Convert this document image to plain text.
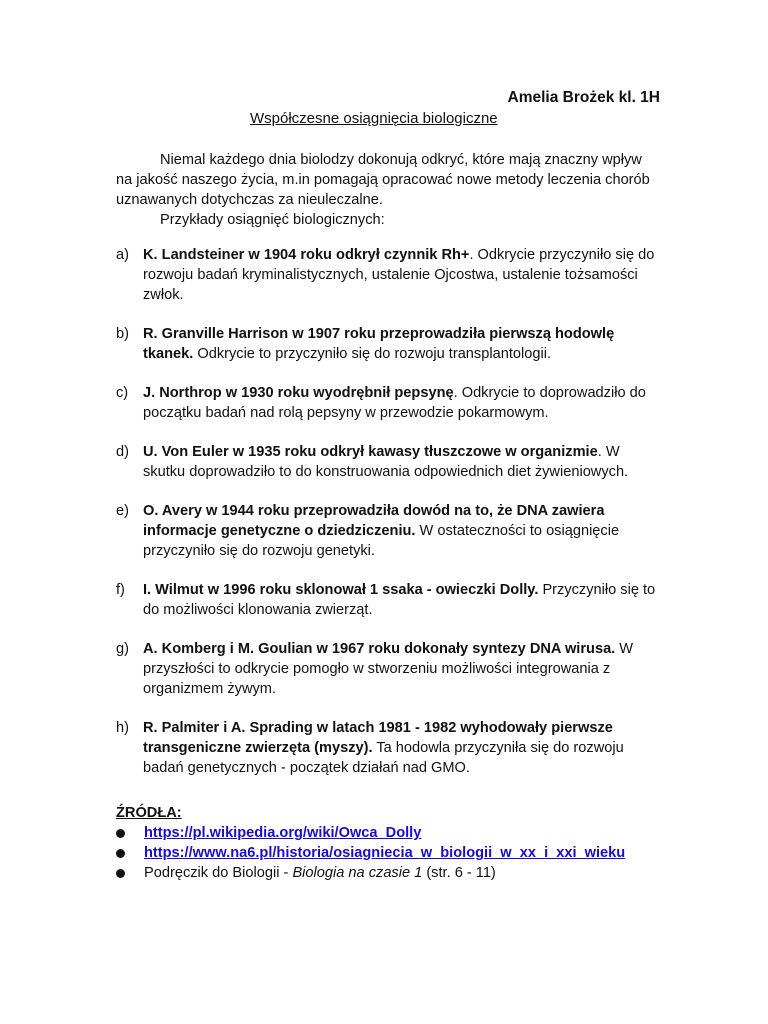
Amelia Brożek kl. 1H
Współczesne osiągnięcia biologiczne

Niemal każdego dnia biolodzy dokonują odkryć, które mają znaczny wpływ na jakość naszego życia, m.in pomagają opracować nowe metody leczenia chorób uznawanych dotychczas za nieuleczalne.

Przykłady osiągnięć biologicznych:

a) K. Landsteiner w 1904 roku odkrył czynnik Rh+. Odkrycie przyczyniło się do rozwoju badań kryminalistycznych, ustalenie Ojcostwa, ustalenie tożsamości zwłok.
b) R. Granville Harrison w 1907 roku przeprowadziła pierwszą hodowlę tkanek. Odkrycie to przyczyniło się do rozwoju transplantologii.
c) J. Northrop w 1930 roku wyodrębnił pepsynę. Odkrycie to doprowadziło do początku badań nad rolą pepsyny w przewodzie pokarmowym.
d) U. Von Euler w 1935 roku odkrył kawasy tłuszczowe w organizmie. W skutku doprowadziło to do konstruowania odpowiednich diet żywieniowych.
e) O. Avery w 1944 roku przeprowadziła dowód na to, że DNA zawiera informacje genetyczne o dziedziczeniu. W ostateczności to osiągnięcie przyczyniło się do rozwoju genetyki.
f) I. Wilmut w 1996 roku sklonował 1 ssaka - owieczki Dolly. Przyczyniło się to do możliwości klonowania zwierząt.
g) A. Komberg i M. Goulian w 1967 roku dokonały syntezy DNA wirusa. W przyszłości to odkrycie pomogło w stworzeniu możliwości integrowania z organizmem żywym.
h) R. Palmiter i A. Sprading w latach 1981 - 1982 wyhodowały pierwsze transgeniczne zwierzęta (myszy). Ta hodowla przyczyniła się do rozwoju badań genetycznych - początek działań nad GMO.
ŹRÓDŁA:
https://pl.wikipedia.org/wiki/Owca_Dolly
https://www.na6.pl/historia/osiagniecia_w_biologii_w_xx_i_xxi_wieku
Podręczik do Biologii - Biologia na czasie 1 (str. 6 - 11)
